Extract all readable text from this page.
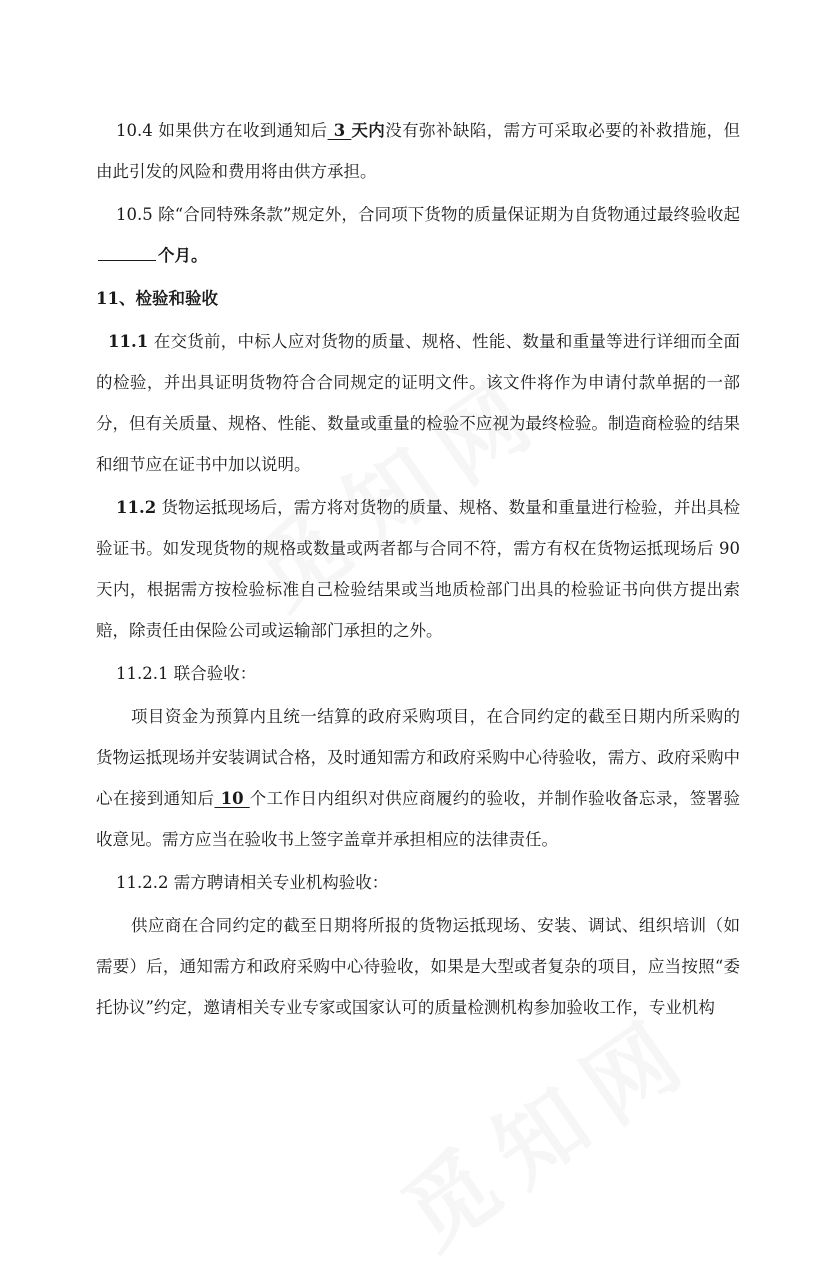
10.4 如果供方在收到通知后 3 天内没有弥补缺陷，需方可采取必要的补救措施，但由此引发的风险和费用将由供方承担。

10.5 除“合同特殊条款”规定外，合同项下货物的质量保证期为自货物通过最终验收起个月。

11、检验和验收

11.1 在交货前，中标人应对货物的质量、规格、性能、数量和重量等进行详细而全面的检验，并出具证明货物符合合同规定的证明文件。该文件将作为申请付款单据的一部分，但有关质量、规格、性能、数量或重量的检验不应视为最终检验。制造商检验的结果和细节应在证书中加以说明。

11.2 货物运抵现场后，需方将对货物的质量、规格、数量和重量进行检验，并出具检验证书。如发现货物的规格或数量或两者都与合同不符，需方有权在货物运抵现场后 90 天内，根据需方按检验标准自己检验结果或当地质检部门出具的检验证书向供方提出索赔，除责任由保险公司或运输部门承担的之外。

11.2.1 联合验收：

项目资金为预算内且统一结算的政府采购项目，在合同约定的截至日期内所采购的货物运抵现场并安装调试合格，及时通知需方和政府采购中心待验收，需方、政府采购中心在接到通知后 10 个工作日内组织对供应商履约的验收，并制作验收备忘录，签署验收意见。需方应当在验收书上签字盖章并承担相应的法律责任。

11.2.2 需方聘请相关专业机构验收：

供应商在合同约定的截至日期将所报的货物运抵现场、安装、调试、组织培训（如需要）后，通知需方和政府采购中心待验收，如果是大型或者复杂的项目，应当按照“委托协议”约定，邀请相关专业专家或国家认可的质量检测机构参加验收工作，专业机构
